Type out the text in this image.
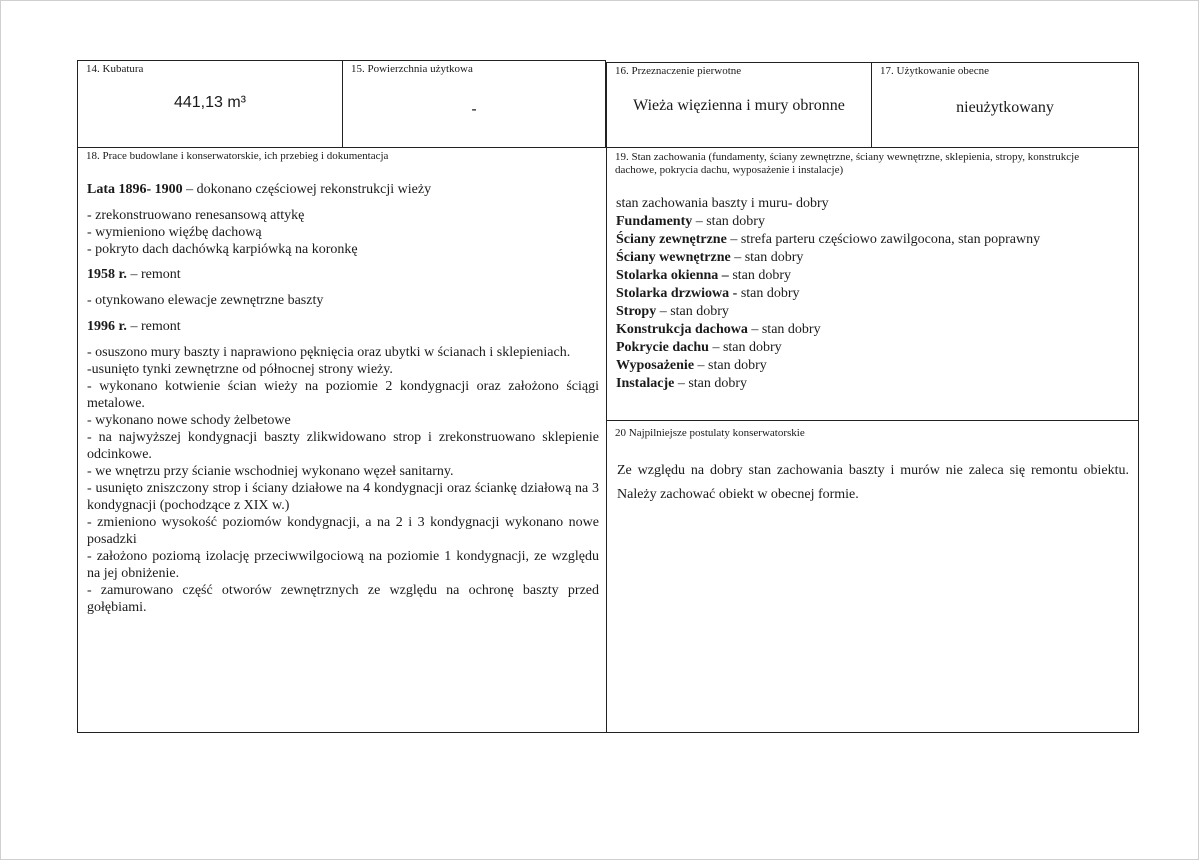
14. Kubatura
441,13 m³
15. Powierzchnia użytkowa
-
16. Przeznaczenie pierwotne
Wieża więzienna i mury obronne
17. Użytkowanie obecne
nieużytkowany
18. Prace budowlane i konserwatorskie, ich przebieg i dokumentacja

Lata 1896- 1900 – dokonano częściowej rekonstrukcji wieży

- zrekonstruowano renesansową attykę

- wymieniono więźbę dachową

- pokryto dach dachówką karpiówką na koronkę

1958 r. – remont

- otynkowano elewacje zewnętrzne baszty

1996 r. – remont

- osuszono mury baszty i naprawiono pęknięcia oraz ubytki w ścianach i sklepieniach.

-usunięto tynki zewnętrzne od północnej strony wieży.

- wykonano kotwienie ścian wieży na poziomie 2 kondygnacji oraz założono ściągi metalowe.

- wykonano nowe schody żelbetowe

- na najwyższej kondygnacji baszty zlikwidowano strop i zrekonstruowano sklepienie odcinkowe.

- we wnętrzu przy ścianie wschodniej wykonano węzeł sanitarny.

- usunięto zniszczony strop i ściany działowe na 4 kondygnacji oraz ściankę działową na 3 kondygnacji (pochodzące z XIX w.)

- zmieniono wysokość poziomów kondygnacji, a na 2 i 3 kondygnacji wykonano nowe posadzki

- założono poziomą izolację przeciwwilgociową na poziomie 1 kondygnacji, ze względu na jej obniżenie.

- zamurowano część otworów zewnętrznych ze względu na ochronę baszty przed gołębiami.

19. Stan zachowania (fundamenty, ściany zewnętrzne, ściany wewnętrzne, sklepienia, stropy, konstrukcje dachowe, pokrycia dachu, wyposażenie i instalacje)

stan zachowania baszty i muru- dobry

Fundamenty – stan dobry

Ściany zewnętrzne – strefa parteru częściowo zawilgocona, stan poprawny

Ściany wewnętrzne – stan dobry

Stolarka okienna – stan dobry

Stolarka drzwiowa - stan dobry

Stropy – stan dobry

Konstrukcja dachowa – stan dobry

Pokrycie dachu – stan dobry

Wyposażenie – stan dobry

Instalacje – stan dobry

20 Najpilniejsze postulaty konserwatorskie

Ze względu na dobry stan zachowania baszty i murów nie zaleca się remontu obiektu. Należy zachować obiekt w obecnej formie.
